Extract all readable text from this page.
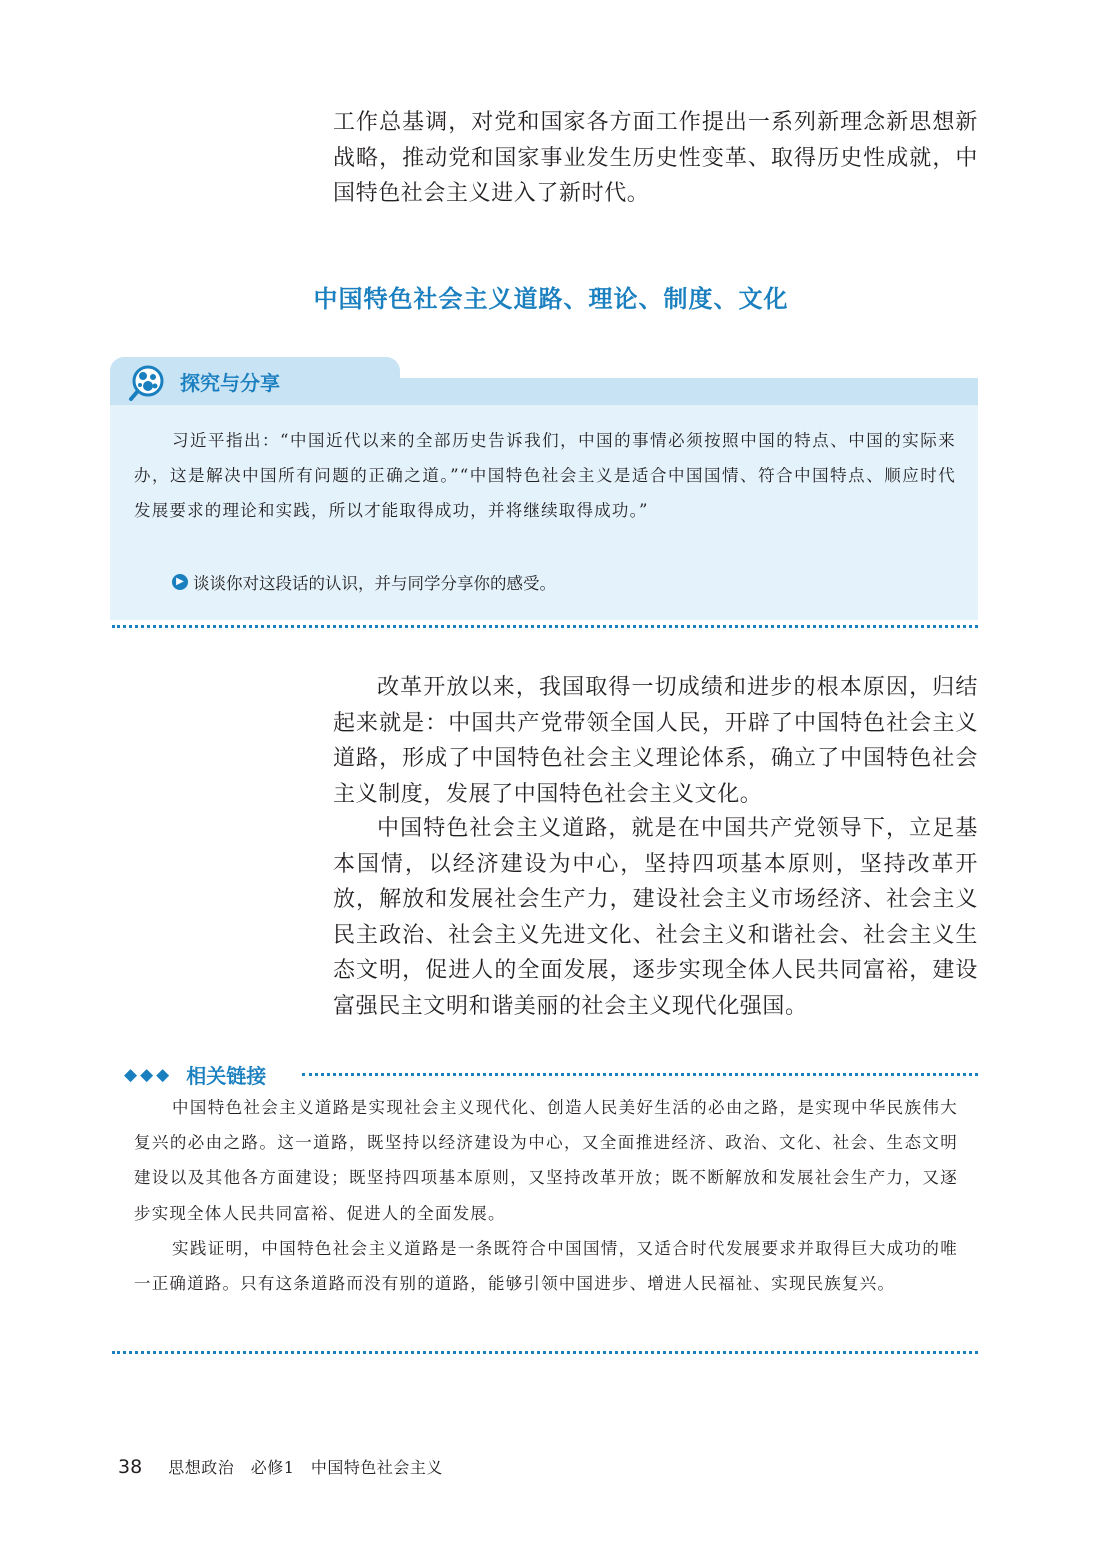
工作总基调，对党和国家各方面工作提出一系列新理念新思想新战略，推动党和国家事业发生历史性变革、取得历史性成就，中国特色社会主义进入了新时代。

中国特色社会主义道路、理论、制度、文化
探究与分享

习近平指出：“中国近代以来的全部历史告诉我们，中国的事情必须按照中国的特点、中国的实际来办，这是解决中国所有问题的正确之道。”“中国特色社会主义是适合中国国情、符合中国特点、顺应时代发展要求的理论和实践，所以才能取得成功，并将继续取得成功。”

▶ 谈谈你对这段话的认识，并与同学分享你的感受。

改革开放以来，我国取得一切成绩和进步的根本原因，归结起来就是：中国共产党带领全国人民，开辟了中国特色社会主义道路，形成了中国特色社会主义理论体系，确立了中国特色社会主义制度，发展了中国特色社会主义文化。

中国特色社会主义道路，就是在中国共产党领导下，立足基本国情，以经济建设为中心，坚持四项基本原则，坚持改革开放，解放和发展社会生产力，建设社会主义市场经济、社会主义民主政治、社会主义先进文化、社会主义和谐社会、社会主义生态文明，促进人的全面发展，逐步实现全体人民共同富裕，建设富强民主文明和谐美丽的社会主义现代化强国。

◆◆◆ 相关链接

中国特色社会主义道路是实现社会主义现代化、创造人民美好生活的必由之路，是实现中华民族伟大复兴的必由之路。这一道路，既坚持以经济建设为中心，又全面推进经济、政治、文化、社会、生态文明建设以及其他各方面建设；既坚持四项基本原则，又坚持改革开放；既不断解放和发展社会生产力，又逐步实现全体人民共同富裕、促进人的全面发展。

实践证明，中国特色社会主义道路是一条既符合中国国情，又适合时代发展要求并取得巨大成功的唯一正确道路。只有这条道路而没有别的道路，能够引领中国进步、增进人民福祉、实现民族复兴。

38 思想政治　必修1　中国特色社会主义
